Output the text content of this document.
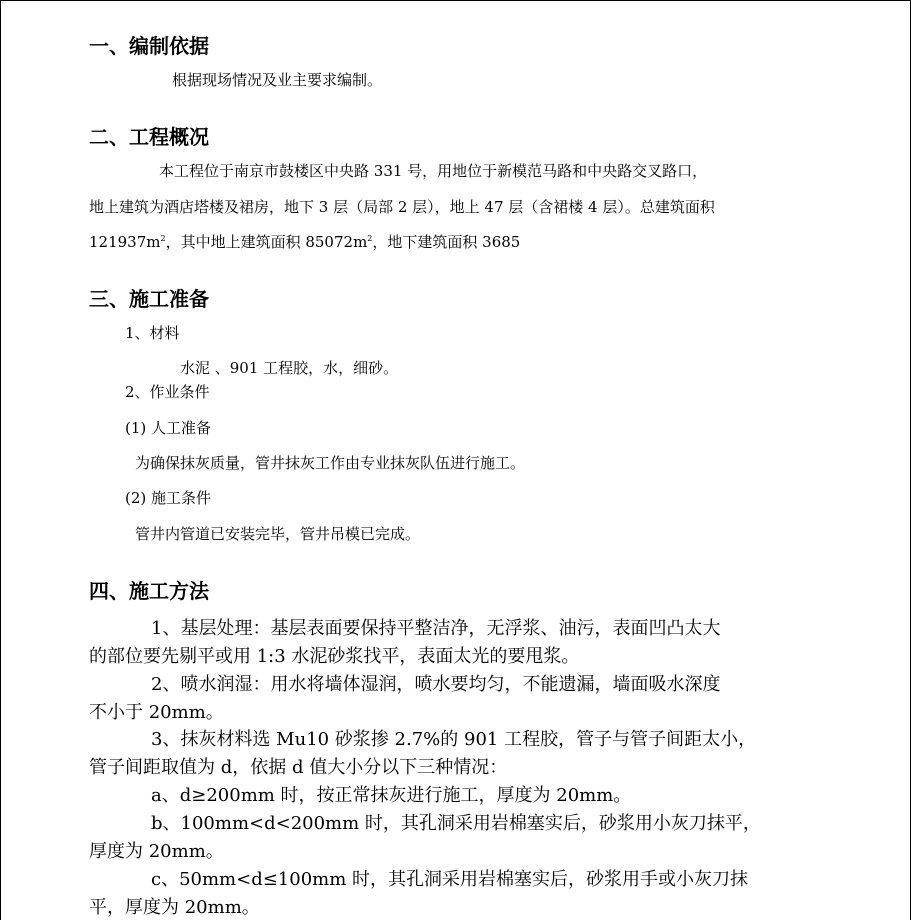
一、编制依据
根据现场情况及业主要求编制。
二、工程概况
本工程位于南京市鼓楼区中央路 331 号，用地位于新模范马路和中央路交叉路口，
地上建筑为酒店塔楼及裙房，地下 3 层（局部 2 层），地上 47 层（含裙楼 4 层）。总建筑面积
$121937m^2$，其中地上建筑面积 $85072m^2$，地下建筑面积 3685
三、施工准备
1、材料
水泥 、901 工程胶，水，细砂。
2、作业条件
(1) 人工准备
为确保抹灰质量，管井抹灰工作由专业抹灰队伍进行施工。
(2) 施工条件
管井内管道已安装完毕，管井吊模已完成。
四、施工方法
1、基层处理：基层表面要保持平整洁净，无浮浆、油污，表面凹凸太大
的部位要先剔平或用 1:3 水泥砂浆找平，表面太光的要甩浆。
2、喷水润湿：用水将墙体湿润，喷水要均匀，不能遗漏，墙面吸水深度
不小于 20mm。
3、抹灰材料选 Mu10 砂浆掺 2.7%的 901 工程胶，管子与管子间距太小，
管子间距取值为 d，依据 d 值大小分以下三种情况：
a、d≥200mm 时，按正常抹灰进行施工，厚度为 20mm。
b、100mm<d<200mm 时，其孔洞采用岩棉塞实后，砂浆用小灰刀抹平，
厚度为 20mm。
c、50mm<d≤100mm 时，其孔洞采用岩棉塞实后，砂浆用手或小灰刀抹
平，厚度为 20mm。
